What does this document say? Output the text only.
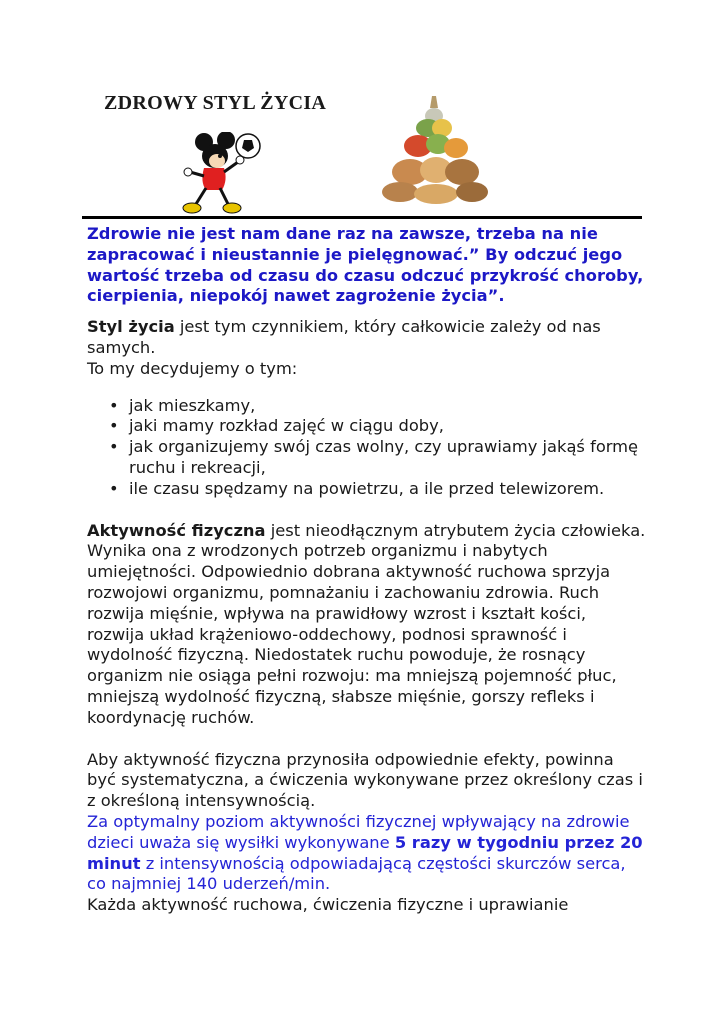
ZDROWY STYL ŻYCIA

Zdrowie nie jest nam dane raz na zawsze, trzeba na nie zapracować i nieustannie je pielęgnować.” By odczuć jego wartość trzeba od czasu do czasu odczuć przykrość choroby, cierpienia, niepokój nawet zagrożenie życia”.

Styl życia jest tym czynnikiem, który całkowicie zależy od nas samych.

To my decydujemy o tym:

• jak mieszkamy,
• jaki mamy rozkład zajęć w ciągu doby,
• jak organizujemy swój czas wolny, czy uprawiamy jakąś formę ruchu i rekreacji,
• ile czasu spędzamy na powietrzu, a ile przed telewizorem.

Aktywność fizyczna jest nieodłącznym atrybutem życia człowieka. Wynika ona z wrodzonych potrzeb organizmu i nabytych umiejętności. Odpowiednio dobrana aktywność ruchowa sprzyja rozwojowi organizmu, pomnażaniu i zachowaniu zdrowia. Ruch rozwija mięśnie, wpływa na prawidłowy wzrost i kształt kości, rozwija układ krążeniowo-oddechowy, podnosi sprawność i wydolność fizyczną. Niedostatek ruchu powoduje, że rosnący organizm nie osiąga pełni rozwoju: ma mniejszą pojemność płuc, mniejszą wydolność fizyczną, słabsze mięśnie, gorszy refleks i koordynację ruchów.

Aby aktywność fizyczna przynosiła odpowiednie efekty, powinna być systematyczna, a ćwiczenia wykonywane przez określony czas i z określoną intensywnością.

Za optymalny poziom aktywności fizycznej wpływający na zdrowie dzieci uważa się wysiłki wykonywane 5 razy w tygodniu przez 20 minut z intensywnością odpowiadającą częstości skurczów serca, co najmniej 140 uderzeń/min.

Każda aktywność ruchowa, ćwiczenia fizyczne i uprawianie
